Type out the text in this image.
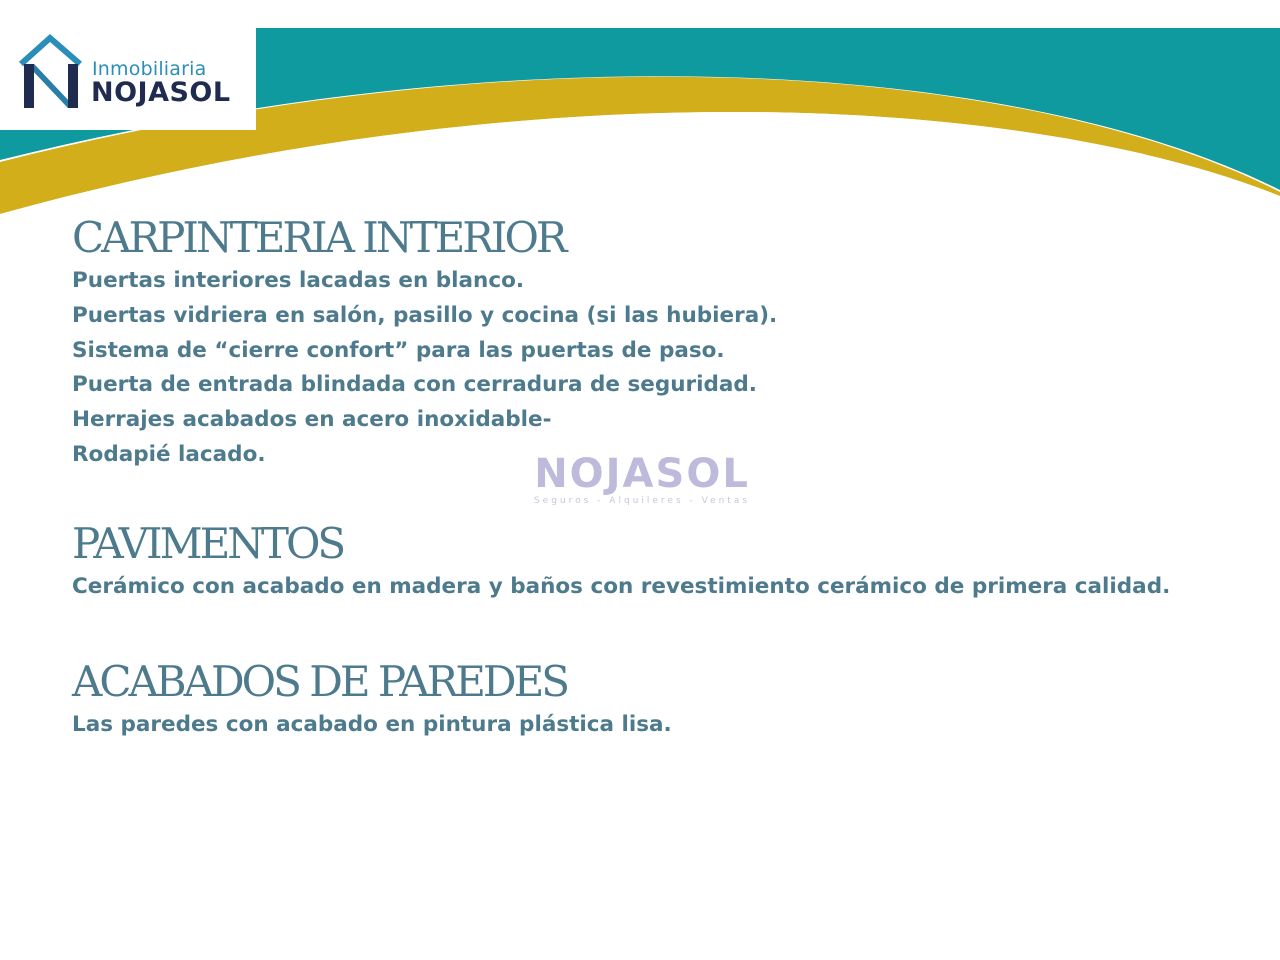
Inmobiliaria
NOJASOL
CARPINTERIA INTERIOR
Puertas interiores lacadas en blanco.
Puertas vidriera en salón, pasillo y cocina (si las hubiera).
Sistema de “cierre confort” para las puertas de paso.
Puerta de entrada blindada con cerradura de seguridad.
Herrajes acabados en acero inoxidable-
Rodapié lacado.
PAVIMENTOS
Cerámico con acabado en madera y baños con revestimiento cerámico de primera calidad.
ACABADOS DE PAREDES
Las paredes con acabado en pintura plástica lisa.
NOJASOL
Seguros - Alquileres - Ventas
